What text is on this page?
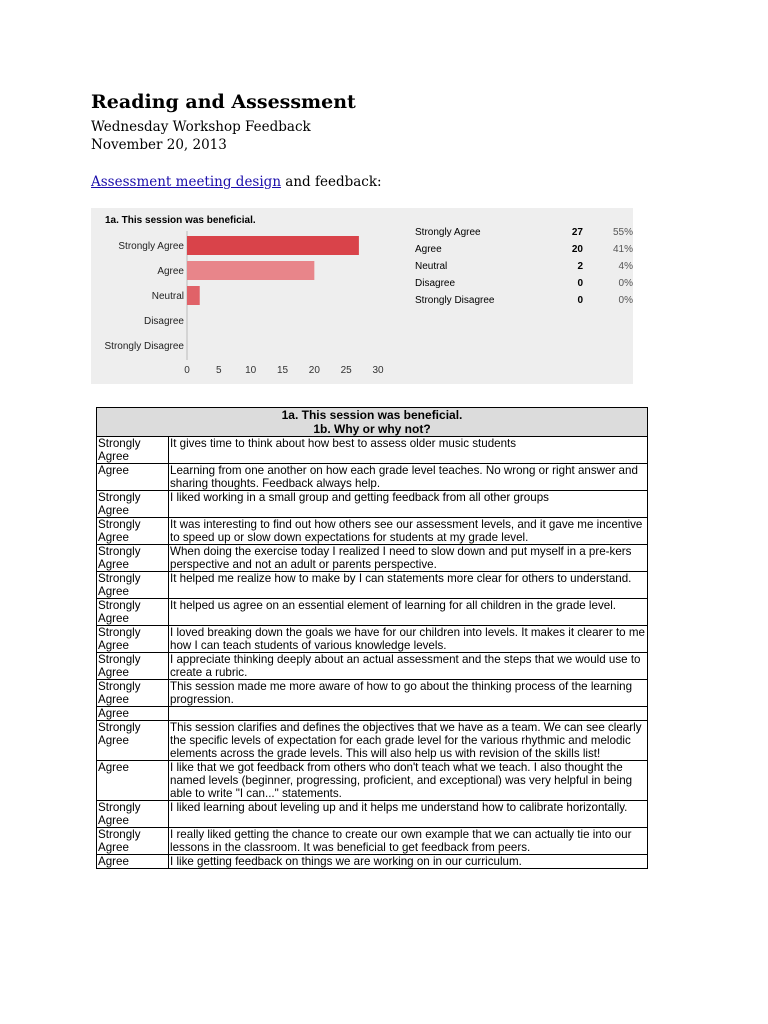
Reading and Assessment
Wednesday Workshop Feedback
November 20, 2013
Assessment meeting design and feedback:
1a. This session was beneficial.
Strongly Agree
Agree
Neutral
Disagree
Strongly Disagree
0	5 10 15 20 25 30
Strongly Agree	27	55%
Agree	20	41%
Neutral	2	4%
Disagree	0	0%
Strongly Disagree	0	0%
1a. This session was beneficial.
1b. Why or why not?	

Strongly Agree	It gives time to think about how best to assess older music students
Agree	Learning from one another on how each grade level teaches. No wrong or right answer and sharing thoughts. Feedback always help.
Strongly Agree	I liked working in a small group and getting feedback from all other groups
Strongly Agree	It was interesting to find out how others see our assessment levels, and it gave me incentive to speed up or slow down expectations for students at my grade level.
Strongly Agree	When doing the exercise today I realized I need to slow down and put myself in a pre-kers perspective and not an adult or parents perspective.
Strongly Agree	It helped me realize how to make by I can statements more clear for others to understand.
Strongly Agree	It helped us agree on an essential element of learning for all children in the grade level.
Strongly Agree	I loved breaking down the goals we have for our children into levels. It makes it clearer to me how I can teach students of various knowledge levels.
Strongly Agree	I appreciate thinking deeply about an actual assessment and the steps that we would use to create a rubric.
Strongly Agree	This session made me more aware of how to go about the thinking process of the learning progression.
Agree	
Strongly Agree	This session clarifies and defines the objectives that we have as a team. We can see clearly the specific levels of expectation for each grade level for the various rhythmic and melodic elements across the grade levels. This will also help us with revision of the skills list!
Agree	I like that we got feedback from others who don't teach what we teach. I also thought the named levels (beginner, progressing, proficient, and exceptional) was very helpful in being able to write "I can..." statements.
Strongly Agree	I liked learning about leveling up and it helps me understand how to calibrate horizontally.
Strongly Agree	I really liked getting the chance to create our own example that we can actually tie into our lessons in the classroom. It was beneficial to get feedback from peers.
Agree	I like getting feedback on things we are working on in our curriculum.
